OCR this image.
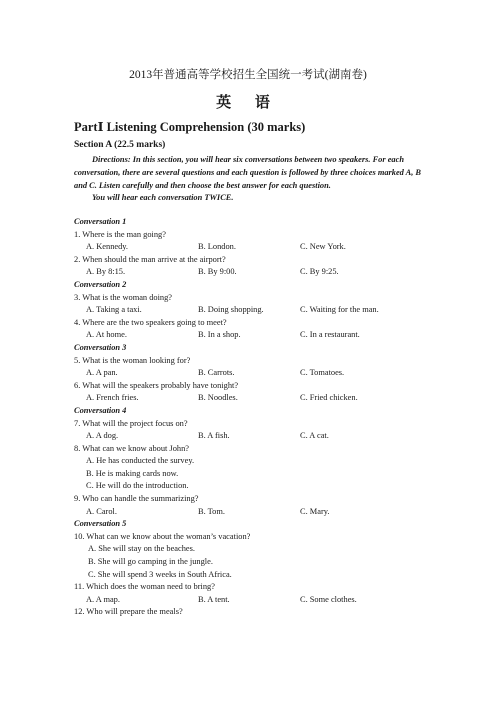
2013年普通高等学校招生全国统一考试(湖南卷)
英 语
PartⅠ Listening Comprehension (30 marks)
Section A (22.5 marks)
Directions: In this section, you will hear six conversations between two speakers. For each conversation, there are several questions and each question is followed by three choices marked A, B and C. Listen carefully and then choose the best answer for each question.
You will hear each conversation TWICE.
Conversation 1
1. Where is the man going?
A. Kennedy.	B. London.	C. New York.
2. When should the man arrive at the airport?
A. By 8:15.	B. By 9:00.	C. By 9:25.
Conversation 2
3. What is the woman doing?
A. Taking a taxi.	B. Doing shopping.	C. Waiting for the man.
4. Where are the two speakers going to meet?
A. At home.	B. In a shop.	C. In a restaurant.
Conversation 3
5. What is the woman looking for?
A. A pan.	B. Carrots.	C. Tomatoes.
6. What will the speakers probably have tonight?
A. French fries.	B. Noodles.	C. Fried chicken.
Conversation 4
7. What will the project focus on?
A. A dog.	B. A fish.	C. A cat.
8. What can we know about John?
A. He has conducted the survey.
B. He is making cards now.
C. He will do the introduction.
9. Who can handle the summarizing?
A. Carol.	B. Tom.	C. Mary.
Conversation 5
10. What can we know about the woman’s vacation?
A. She will stay on the beaches.
B. She will go camping in the jungle.
C. She will spend 3 weeks in South Africa.
11. Which does the woman need to bring?
A. A map.	B. A tent.	C. Some clothes.
12. Who will prepare the meals?
